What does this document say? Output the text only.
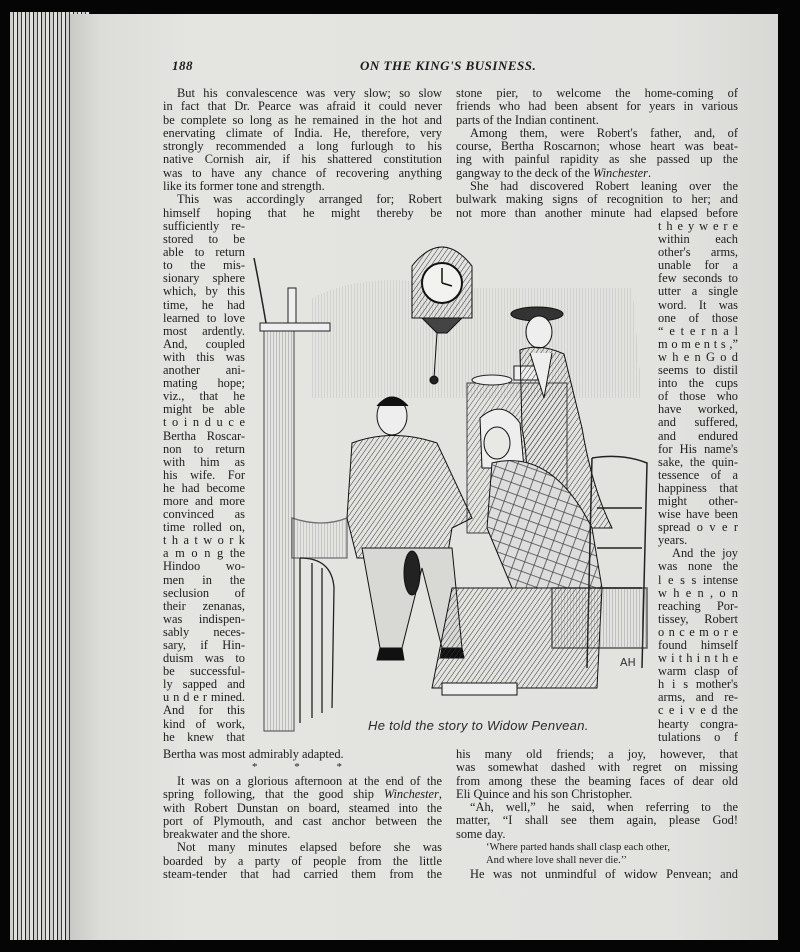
188	ON THE KING'S BUSINESS.
But his convalescence was very slow; so slow
in fact that Dr. Pearce was afraid it could never
be complete so long as he remained in the hot and
enervating climate of India. He, therefore, very
strongly recommended a long furlough to his
native Cornish air, if his shattered constitution
was to have any chance of recovering anything
like its former tone and strength.
This was accordingly arranged for; Robert
himself hoping that he might thereby be
sufficiently re-
stored to be
able to return
to the mis-
sionary sphere
which, by this
time, he had
learned to love
most ardently.
And, coupled
with this was
another ani-
mating hope;
viz., that he
might be able
t o i n d u c e
Bertha Roscar-
non to return
with him as
his wife. For
he had become
more and more
convinced as
time rolled on,
t h a t w o r k
a m o n g the
Hindoo wo-
men in the
seclusion of
their zenanas,
was indispen-
sably neces-
sary, if Hin-
duism was to
be successful-
ly sapped and
u n d e r mined.
And for this
kind of work,
he knew that
Bertha was most admirably adapted.
* * *
It was on a glorious afternoon at the end of the
spring following, that the good ship Winchester,
with Robert Dunstan on board, steamed into the
port of Plymouth, and cast anchor between the
breakwater and the shore.
Not many minutes elapsed before she was
boarded by a party of people from the little
steam-tender that had carried them from the
stone pier, to welcome the home-coming of
friends who had been absent for years in various
parts of the Indian continent.
Among them, were Robert's father, and, of
course, Bertha Roscarnon; whose heart was beat-
ing with painful rapidity as she passed up the
gangway to the deck of the Winchester.
She had discovered Robert leaning over the
bulwark making signs of recognition to her; and
not more than another minute had elapsed before
t h e y w e r e
within each
other's arms,
unable for a
few seconds to
utter a single
word. It was
one of those
“ e t e r n a l
m o m e n t s ,”
w h e n G o d
seems to distil
into the cups
of those who
have worked,
and suffered,
and endured
for His name's
sake, the quin-
tessence of a
happiness that
might other-
wise have been
spread o v e r
years.
And the joy
was none the
l e s s intense
w h e n , o n
reaching Por-
tissey, Robert
o n c e m o r e
found himself
w i t h i n t h e
warm clasp of
h i s mother's
arms, and re-
c e i v e d the
hearty congra-
tulations o f
his many old friends; a joy, however, that
was somewhat dashed with regret on missing
from among these the beaming faces of dear old
Eli Quince and his son Christopher.
“Ah, well,” he said, when referring to the
matter, “I shall see them again, please God!
some day.
‘Where parted hands shall clasp each other,
And where love shall never die.’’
He was not unmindful of widow Penvean; and
AH
He told the story to Widow Penvean.
